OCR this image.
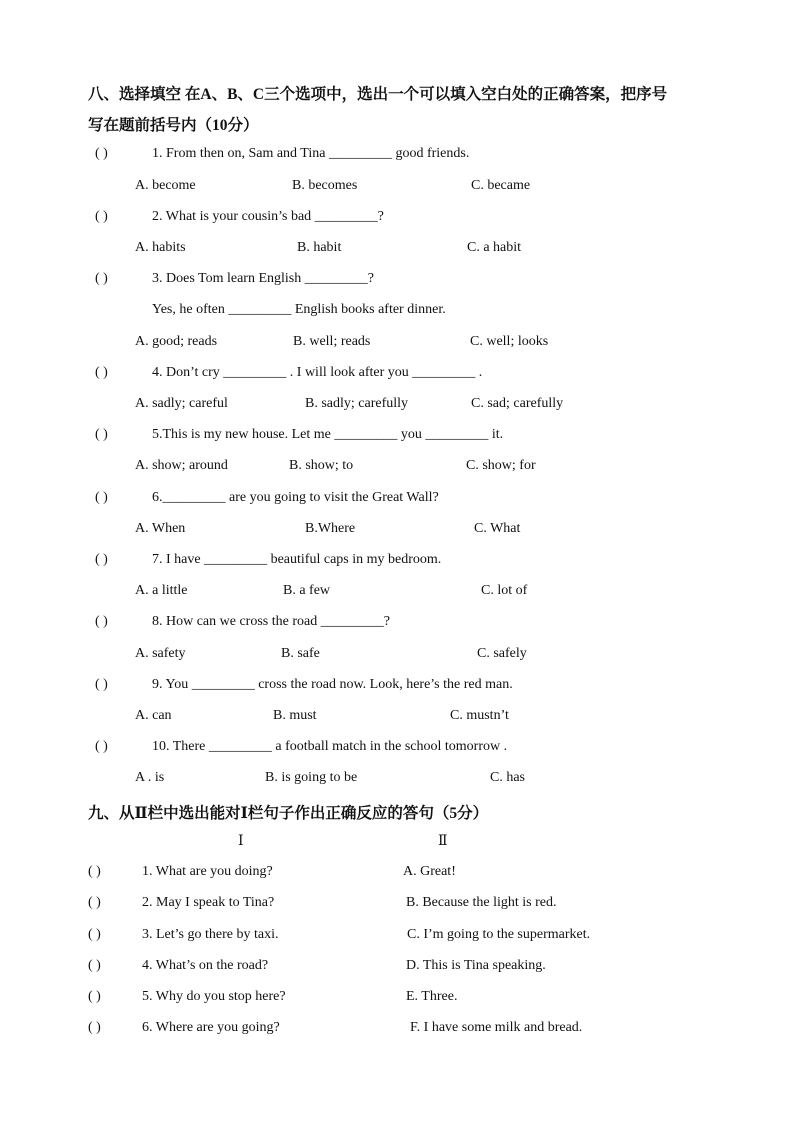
八、选择填空 在A、B、C三个选项中，选出一个可以填入空白处的正确答案，把序号
写在题前括号内（10分）
( )	1. From then on, Sam and Tina _________ good friends.
A. become	B. becomes	C. became
( )	2. What is your cousin’s bad _________?
A. habits	B. habit	C. a habit
( )	3. Does Tom learn English _________?
Yes, he often _________ English books after dinner.
A. good; reads	B. well; reads	C. well; looks
( )	4. Don’t cry _________ . I will look after you _________ .
A. sadly; careful	B. sadly; carefully	C. sad; carefully
( )	5.This is my new house. Let me _________ you _________ it.
A. show; around	B. show; to	C. show; for
( )	6._________ are you going to visit the Great Wall?
A. When	B.Where	C. What
( )	7. I have _________ beautiful caps in my bedroom.
A. a little	B. a few	C. lot of
( )	8. How can we cross the road _________?
A. safety	B. safe	C. safely
( )	9. You _________ cross the road now. Look, here’s the red man.
A. can	B. must	C. mustn’t
( )	10. There _________ a football match in the school tomorrow .
A . is	B. is going to be	C. has
九、从Ⅱ栏中选出能对Ⅰ栏句子作出正确反应的答句（5分）
Ⅰ	Ⅱ
( )	1. What are you doing?	A. Great!
( )	2. May I speak to Tina?	B. Because the light is red.
( )	3. Let’s go there by taxi.	C. I’m going to the supermarket.
( )	4. What’s on the road?	D. This is Tina speaking.
( )	5. Why do you stop here?	E. Three.
( )	6. Where are you going?	F. I have some milk and bread.
